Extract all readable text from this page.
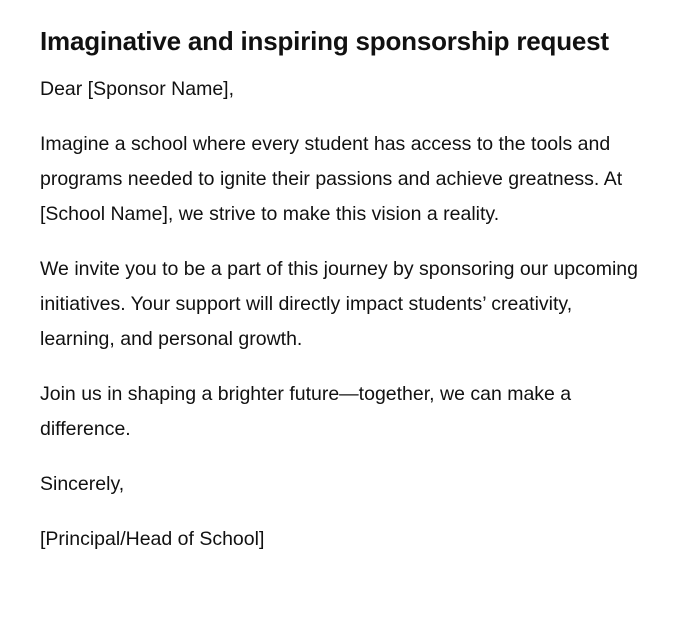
Imaginative and inspiring sponsorship request

Dear [Sponsor Name],

Imagine a school where every student has access to the tools and programs needed to ignite their passions and achieve greatness. At [School Name], we strive to make this vision a reality.

We invite you to be a part of this journey by sponsoring our upcoming initiatives. Your support will directly impact students’ creativity, learning, and personal growth.

Join us in shaping a brighter future—together, we can make a difference.

Sincerely,

[Principal/Head of School]
